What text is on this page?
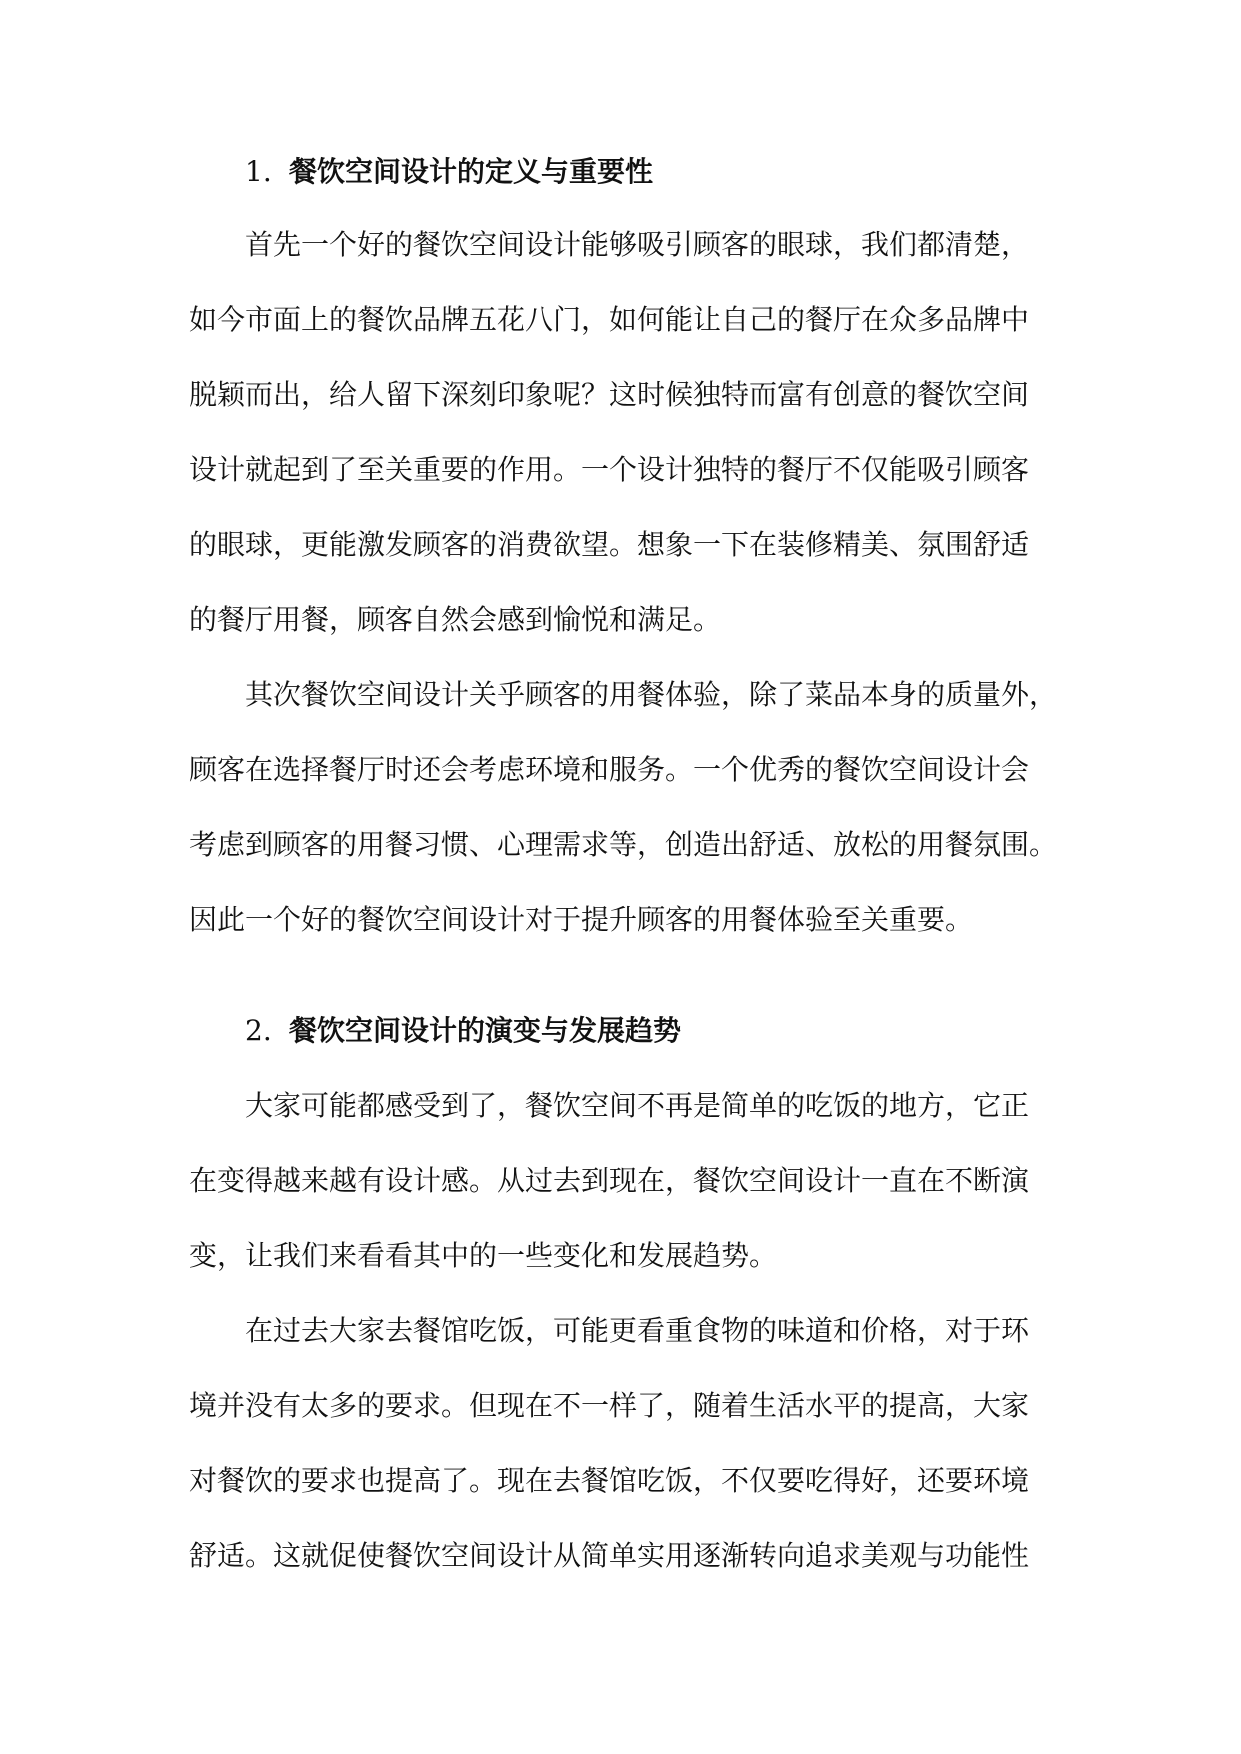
1. 餐饮空间设计的定义与重要性
首先一个好的餐饮空间设计能够吸引顾客的眼球，我们都清楚，
如今市面上的餐饮品牌五花八门，如何能让自己的餐厅在众多品牌中
脱颖而出，给人留下深刻印象呢？这时候独特而富有创意的餐饮空间
设计就起到了至关重要的作用。一个设计独特的餐厅不仅能吸引顾客
的眼球，更能激发顾客的消费欲望。想象一下在装修精美、氛围舒适
的餐厅用餐，顾客自然会感到愉悦和满足。
其次餐饮空间设计关乎顾客的用餐体验，除了菜品本身的质量外，
顾客在选择餐厅时还会考虑环境和服务。一个优秀的餐饮空间设计会
考虑到顾客的用餐习惯、心理需求等，创造出舒适、放松的用餐氛围。
因此一个好的餐饮空间设计对于提升顾客的用餐体验至关重要。
2. 餐饮空间设计的演变与发展趋势
大家可能都感受到了，餐饮空间不再是简单的吃饭的地方，它正
在变得越来越有设计感。从过去到现在，餐饮空间设计一直在不断演
变，让我们来看看其中的一些变化和发展趋势。
在过去大家去餐馆吃饭，可能更看重食物的味道和价格，对于环
境并没有太多的要求。但现在不一样了，随着生活水平的提高，大家
对餐饮的要求也提高了。现在去餐馆吃饭，不仅要吃得好，还要环境
舒适。这就促使餐饮空间设计从简单实用逐渐转向追求美观与功能性
